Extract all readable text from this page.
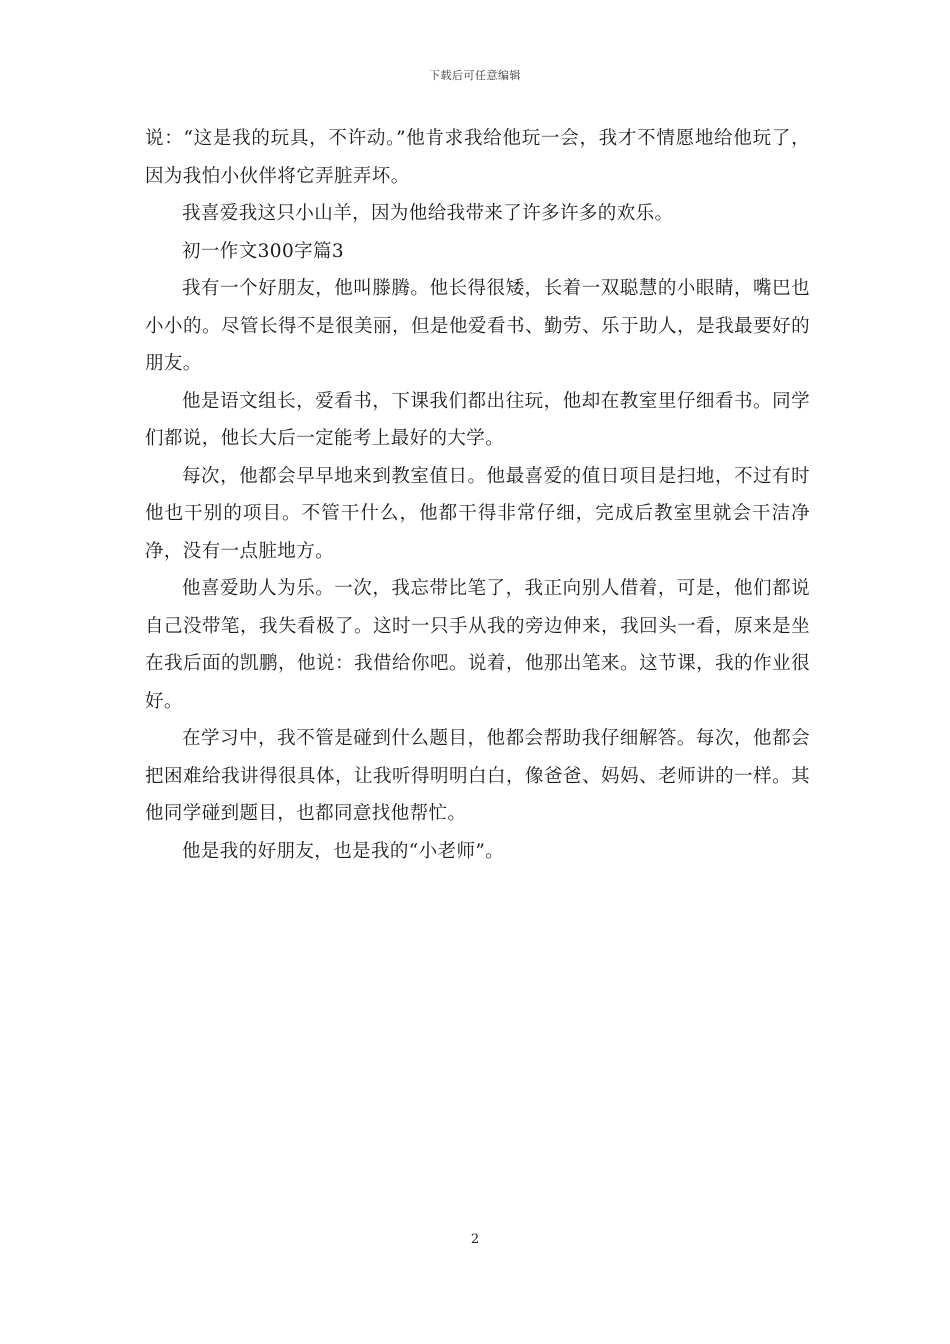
下载后可任意编辑

说：“这是我的玩具，不许动。”他肯求我给他玩一会，我才不情愿地给他玩了，因为我怕小伙伴将它弄脏弄坏。

我喜爱我这只小山羊，因为他给我带来了许多许多的欢乐。

初一作文300字篇3

我有一个好朋友，他叫滕腾。他长得很矮，长着一双聪慧的小眼睛，嘴巴也小小的。尽管长得不是很美丽，但是他爱看书、勤劳、乐于助人，是我最要好的朋友。

他是语文组长，爱看书，下课我们都出往玩，他却在教室里仔细看书。同学们都说，他长大后一定能考上最好的大学。

每次，他都会早早地来到教室值日。他最喜爱的值日项目是扫地，不过有时他也干别的项目。不管干什么，他都干得非常仔细，完成后教室里就会干洁净净，没有一点脏地方。

他喜爱助人为乐。一次，我忘带比笔了，我正向别人借着，可是，他们都说自己没带笔，我失看极了。这时一只手从我的旁边伸来，我回头一看，原来是坐在我后面的凯鹏，他说：我借给你吧。说着，他那出笔来。这节课，我的作业很好。

在学习中，我不管是碰到什么题目，他都会帮助我仔细解答。每次，他都会把困难给我讲得很具体，让我听得明明白白，像爸爸、妈妈、老师讲的一样。其他同学碰到题目，也都同意找他帮忙。

他是我的好朋友，也是我的“小老师”。

2
